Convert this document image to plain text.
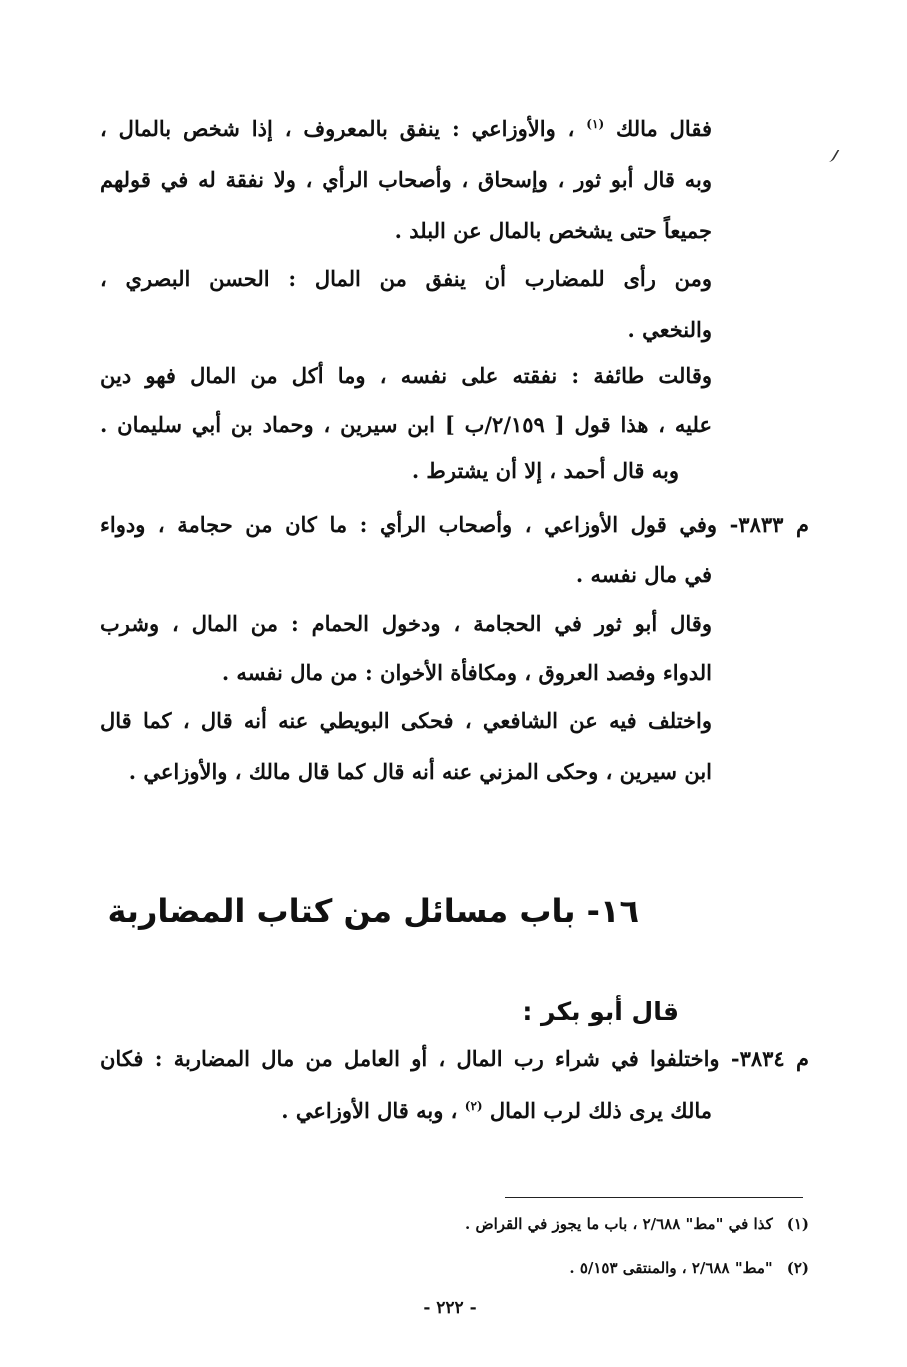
فقال مالك $^{(١)}$ ، والأوزاعي : ينفق بالمعروف ، إذا شخص بالمال ،
وبه قال أبو ثور ، وإسحاق ، وأصحاب الرأي ، ولا نفقة له في قولهم
جميعاً حتى يشخص بالمال عن البلد .
ومن رأى للمضارب أن ينفق من المال : الحسن البصري ،
والنخعي .
وقالت طائفة : نفقته على نفسه ، وما أكل من المال فهو دين
عليه ، هذا قول [ ٢/١٥٩/ب ] ابن سيرين ، وحماد بن أبي سليمان .
وبه قال أحمد ، إلا أن يشترط .
م ٣٨٣٣- وفي قول الأوزاعي ، وأصحاب الرأي : ما كان من حجامة ، ودواء
في مال نفسه .
وقال أبو ثور في الحجامة ، ودخول الحمام : من المال ، وشرب
الدواء وفصد العروق ، ومكافأة الأخوان : من مال نفسه .
واختلف فيه عن الشافعي ، فحكى البويطي عنه أنه قال ، كما قال
ابن سيرين ، وحكى المزني عنه أنه قال كما قال مالك ، والأوزاعي .
١٦- باب مسائل من كتاب المضاربة
قال أبو بكر :
م ٣٨٣٤- واختلفوا في شراء رب المال ، أو العامل من مال المضاربة : فكان
مالك يرى ذلك لرب المال $^{(٢)}$ ، وبه قال الأوزاعي .
(١)كذا في "مط" ٢/٦٨٨ ، باب ما يجوز في القراض .
(٢)"مط" ٢/٦٨٨ ، والمنتقى ٥/١٥٣ .
- ٢٢٢ -
